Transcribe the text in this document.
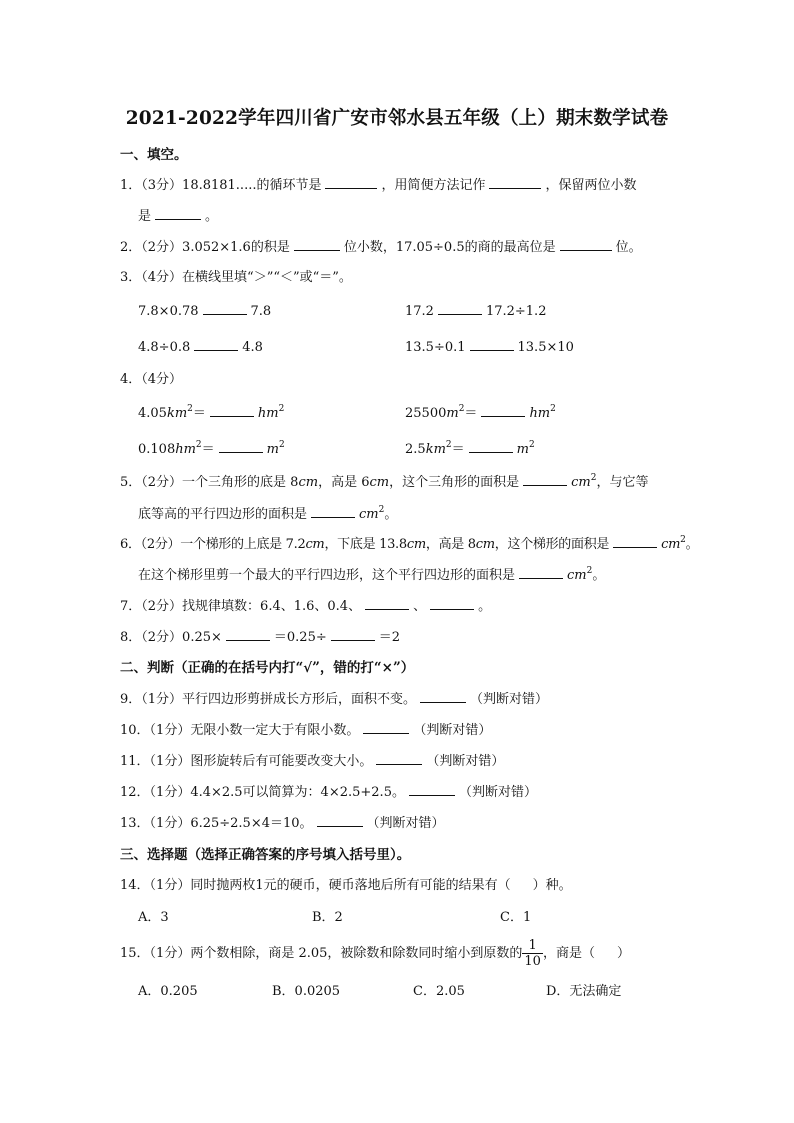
2021-2022学年四川省广安市邻水县五年级（上）期末数学试卷
一、填空。
1．（3分）18.8181.....的循环节是	，用简便方法记作	，保留两位小数
是	。
2．（2分）3.052×1.6的积是	位小数，17.05÷0.5的商的最高位是	位。
3．（4分）在横线里填“＞”“＜”或“＝”。
7.8×0.78	7.8	17.2	17.2÷1.2
4.8÷0.8	4.8	13.5÷0.1	13.5×10
4．（4分）
$4.05km^2=$	$hm^2$	$25500m^2=$	$hm^2$
$0.108hm^2=$	$m^2$	$2.5km^2=$	$m^2$
5．（2分）一个三角形的底是 8cm，高是 6cm，这个三角形的面积是	$cm^2$，与它等
底等高的平行四边形的面积是	$cm^2$。
6．（2分）一个梯形的上底是 7.2cm，下底是 13.8cm，高是 8cm，这个梯形的面积是	$cm^2$。
在这个梯形里剪一个最大的平行四边形，这个平行四边形的面积是	$cm^2$。
7．（2分）找规律填数：6.4、1.6、0.4、	、	。
8．（2分）0.25×	＝0.25÷	＝2
二、判断（正确的在括号内打“√”，错的打“×”）
9．（1分）平行四边形剪拼成长方形后，面积不变。	（判断对错）
10．（1分）无限小数一定大于有限小数。	（判断对错）
11．（1分）图形旋转后有可能要改变大小。	（判断对错）
12．（1分）4.4×2.5可以简算为：4×2.5+2.5。	（判断对错）
13．（1分）6.25÷2.5×4＝10。	（判断对错）
三、选择题（选择正确答案的序号填入括号里）。
14．（1分）同时抛两枚1元的硬币，硬币落地后所有可能的结果有（ ）种。
A．3	B．2	C．1
15．（1分）两个数相除，商是 2.05，被除数和除数同时缩小到原数的 $\frac{1}{10}$ ，商是（ ）
A．0.205	B．0.0205	C．2.05	D．无法确定
